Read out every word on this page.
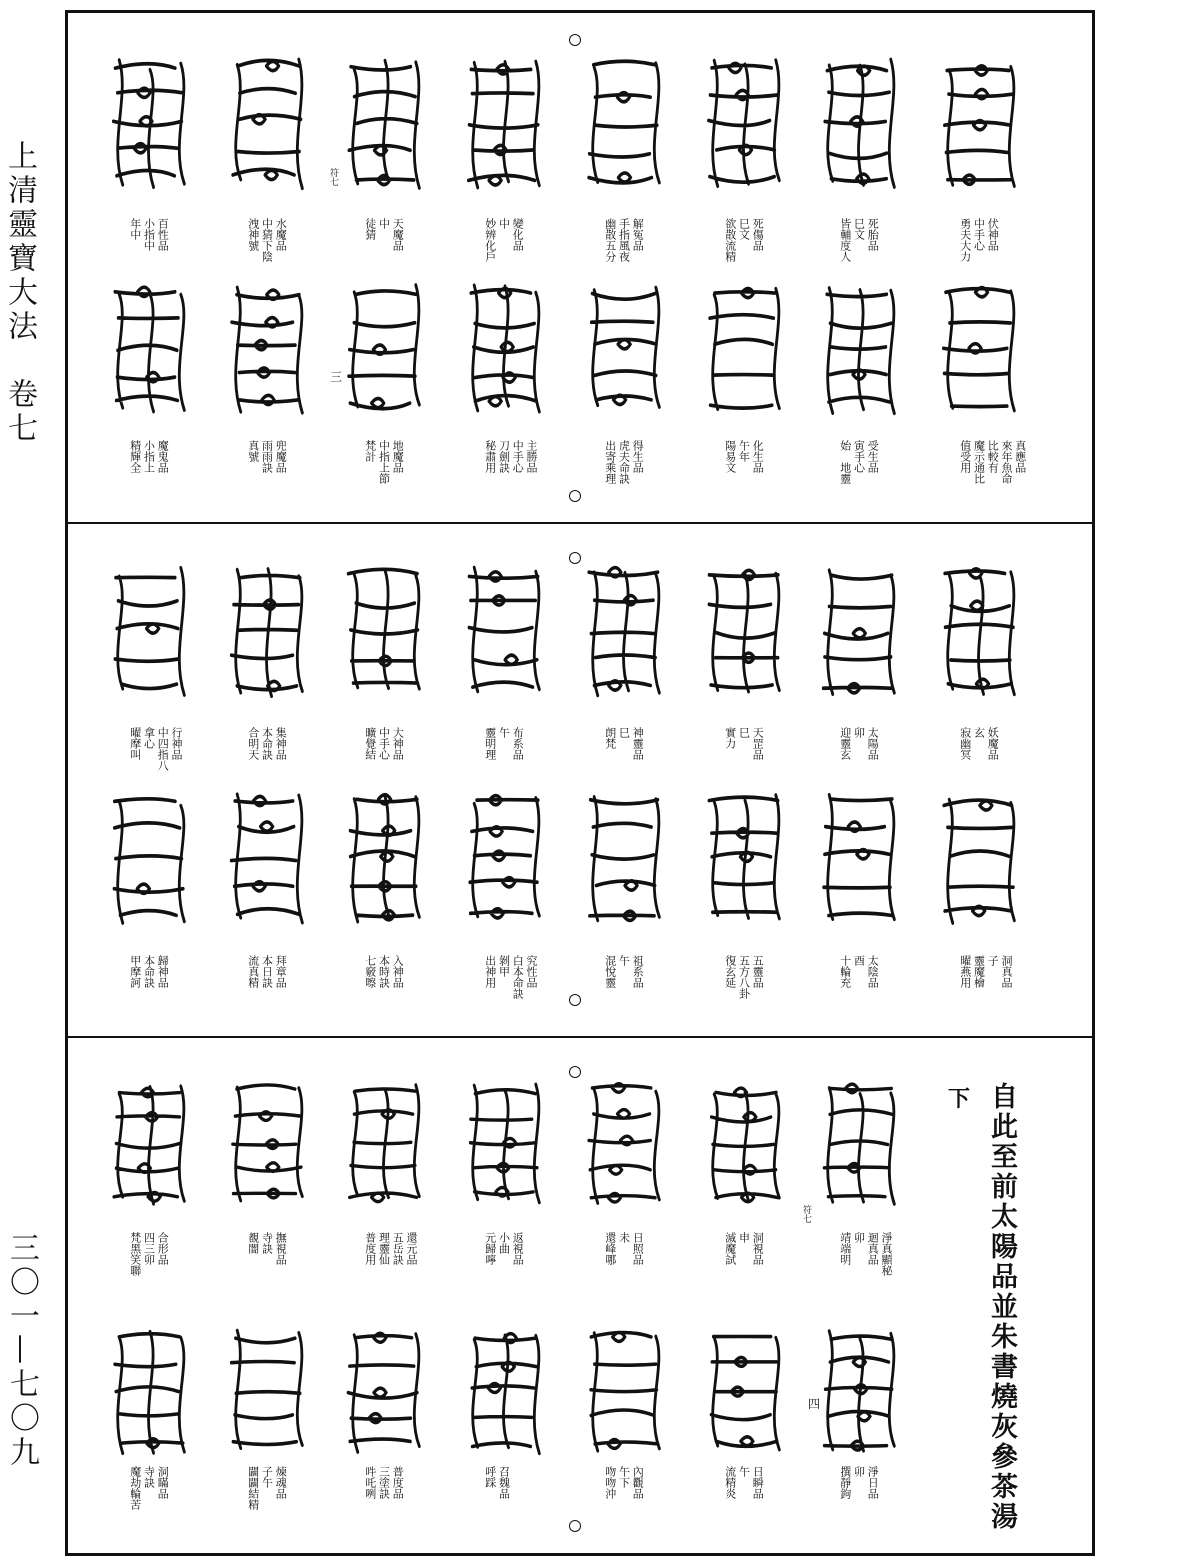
上清靈寶大法　卷七
三〇一—七〇九
伏神品
中手心
勇夫大力
真應品
來年魚命
比較有
魔示通比
值受用
死胎品
巳文
皆輔度人
受生品
寅手心
始　地靈
死傷品
巳文
欲散流精
化生品
午年
陽易文
解冤品
手指風夜
幽散五分
得生品
虎夫命訣
出寄乘理
變化品
中
妙辨化戶
主勝品
中手心
刀劍訣
秘肅用
天魔品
中
徒猜
地魔品
中指上節
梵計
水魔品
中猜下陰
洩神號
兜魔品
雨雨訣
真號
百性品
小指中
年中
魔鬼品
小指上
精輝全
妖魔品
玄
寂幽冥
洞真品
子
靈魔檜
曜燕用
太陽品
卯
迎靈玄
太陰品
酉
十輪充
天罡品
巳
實力
五靈品
五方八卦
復玄延
神靈品
巳
朗梵
祖系品
午
混悅靈
布系品
午
靈明理
究性品
白本命訣
剝甲
出神用
大神品
中手心
曠覺結
入神品
本時訣
七竅嚓
集神品
本命訣
合明天
拜章品
本日訣
流真精
行神品
中四指八
拿心
曜摩叫
歸神品
本命訣
甲摩訶
淨真顯秘
迴真品
卯
靖端明
淨日品
卯
撰靜鉤
洞視品
申
滅魔試
日瞬品
午
流精炎
日照品
未
還峰哪
內觀品
午下
吻吻沖
返視品
小曲
元歸嚀
召魏品
呼踩
還元品
五岳訣
理靈仙
普度用
普度品
三塗訣
吽吒咧
撫視品
寺訣
覩闇
煉魂品
子午
闢闢結精
合形品
四三卯
梵黑笑聯
洞瞞品
寺訣
魔劫輪苦	自此至前太陽品並朱書燒灰參茶湯
下
符七
符七
三
四
